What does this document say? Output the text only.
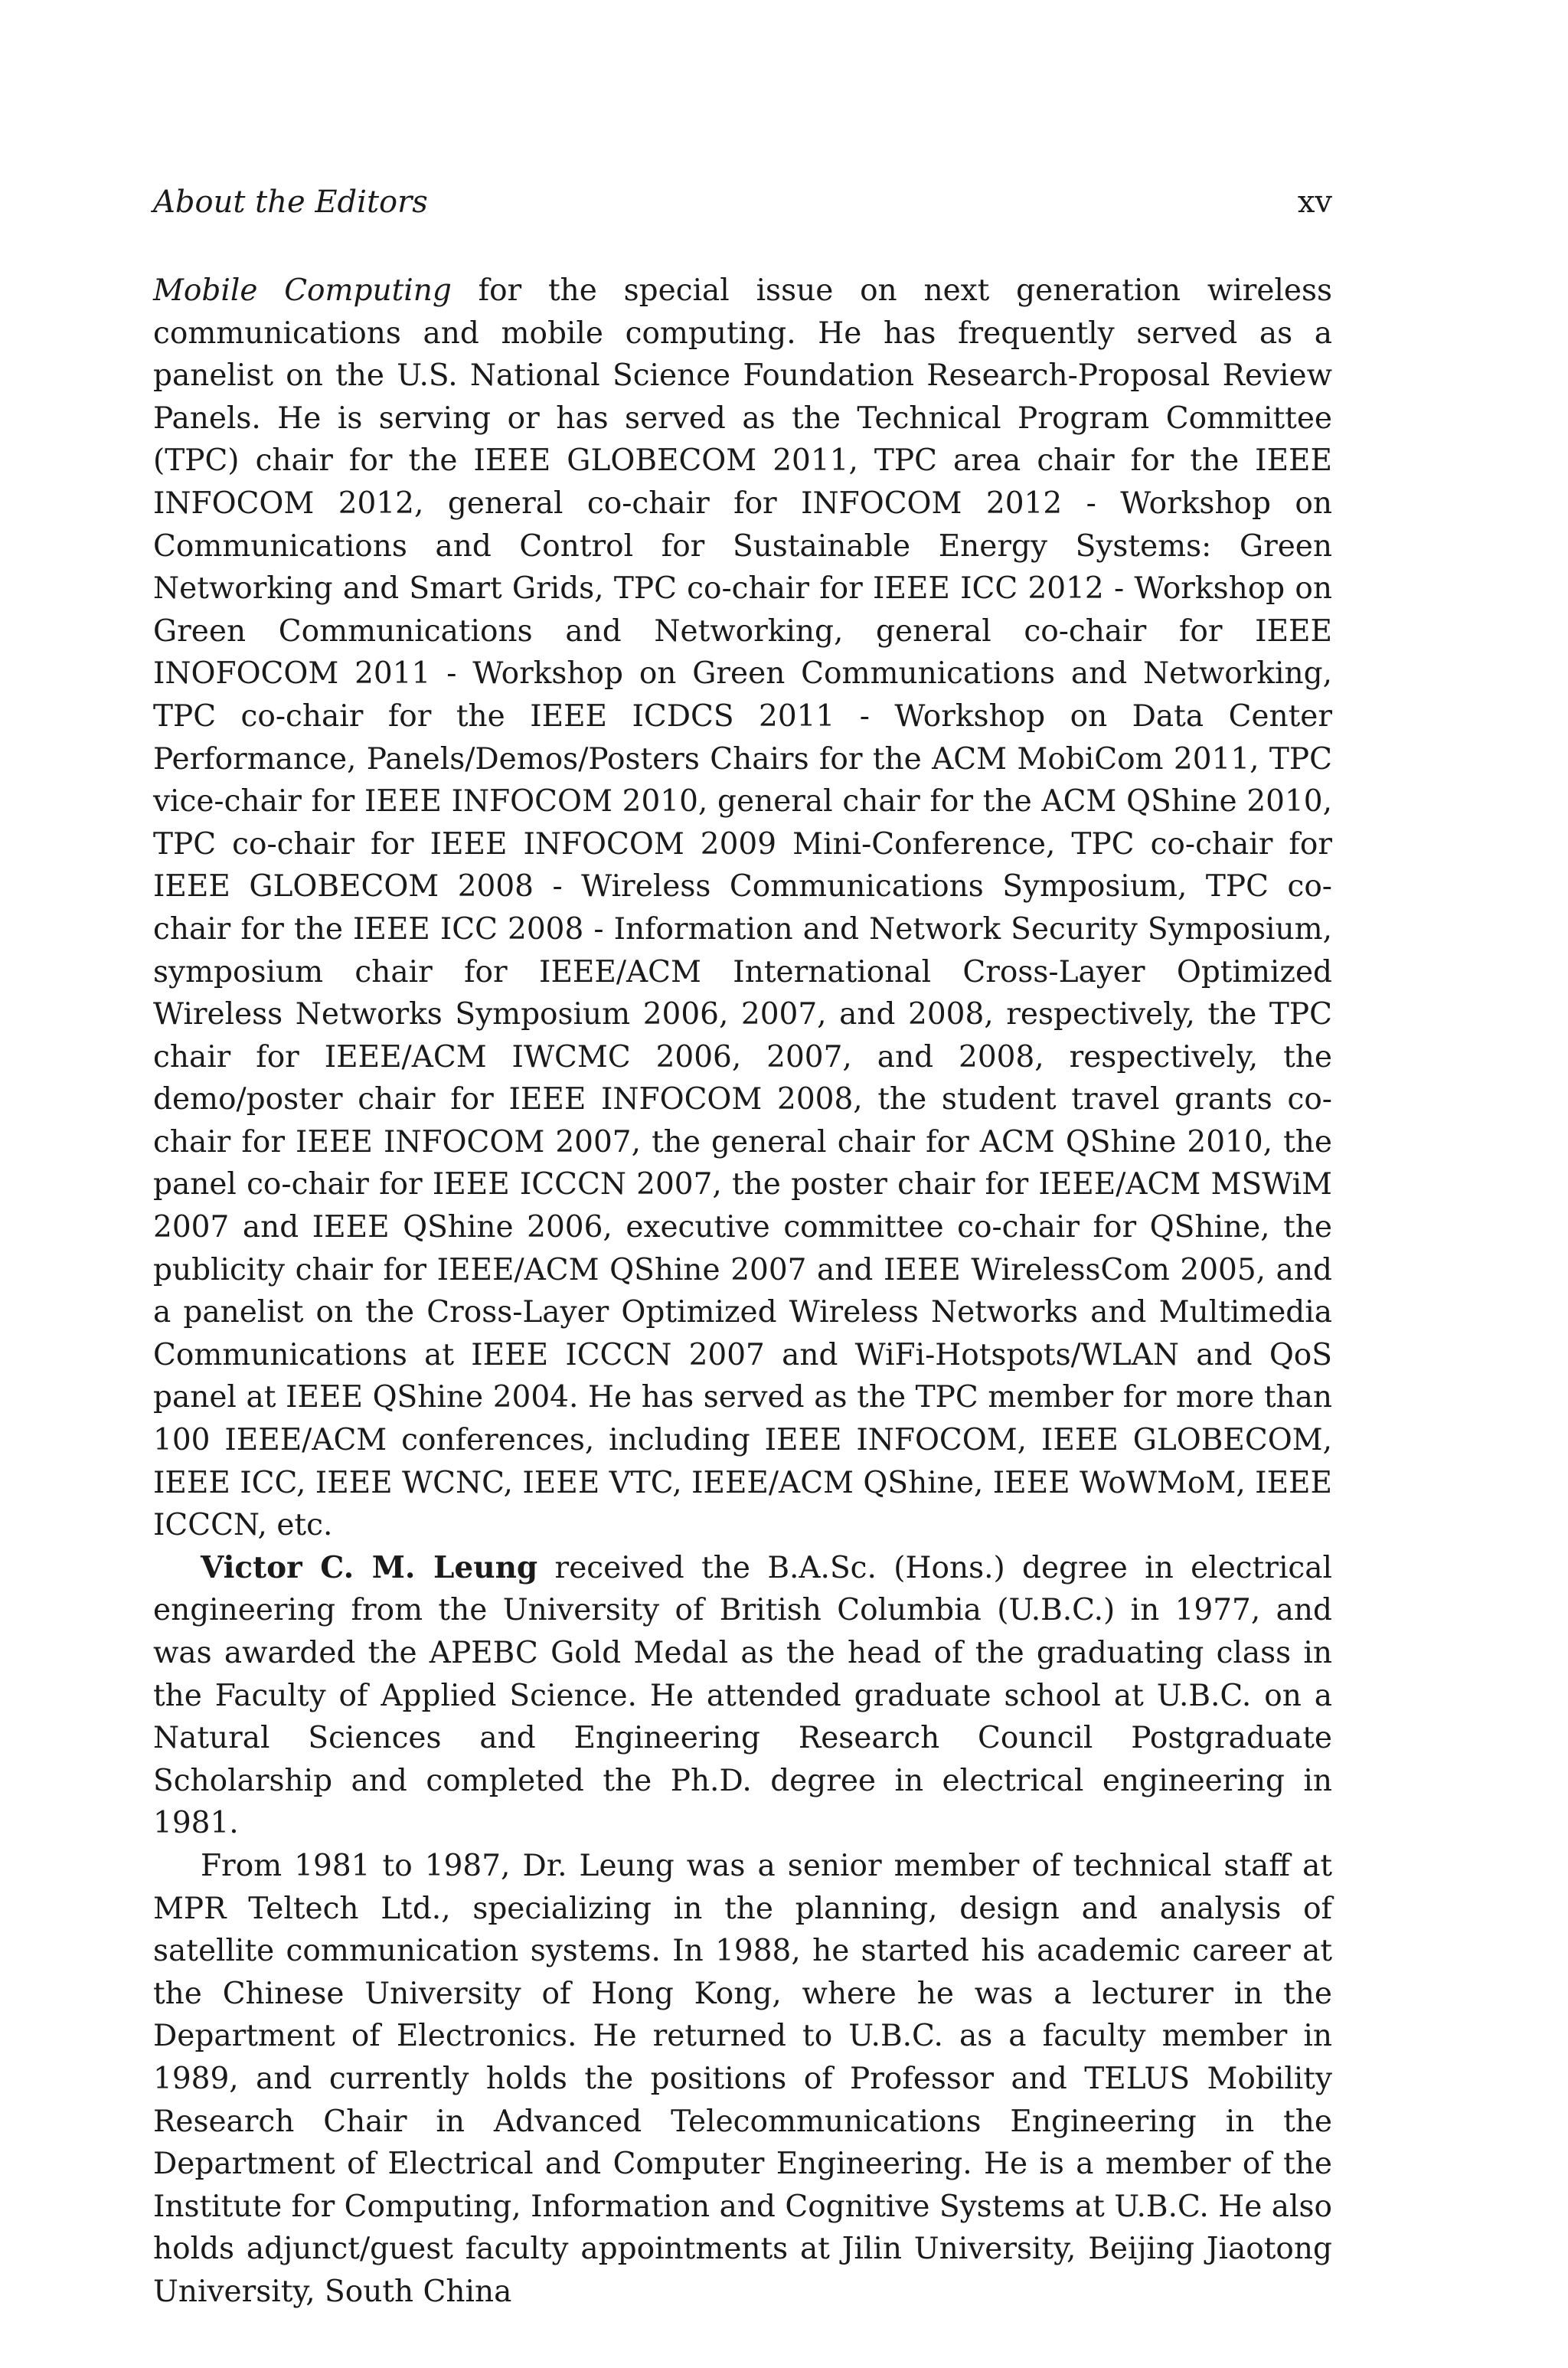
About the Editors	xv

Mobile Computing for the special issue on next generation wireless communications and mobile computing. He has frequently served as a panelist on the U.S. National Science Foundation Research-Proposal Review Panels. He is serving or has served as the Technical Program Committee (TPC) chair for the IEEE GLOBECOM 2011, TPC area chair for the IEEE INFOCOM 2012, general co-chair for INFOCOM 2012 - Workshop on Communications and Control for Sustainable Energy Systems: Green Networking and Smart Grids, TPC co-chair for IEEE ICC 2012 - Workshop on Green Communications and Networking, general co-chair for IEEE INOFOCOM 2011 - Workshop on Green Communications and Networking, TPC co-chair for the IEEE ICDCS 2011 - Workshop on Data Center Performance, Panels/Demos/Posters Chairs for the ACM MobiCom 2011, TPC vice-chair for IEEE INFOCOM 2010, general chair for the ACM QShine 2010, TPC co-chair for IEEE INFOCOM 2009 Mini-Conference, TPC co-chair for IEEE GLOBECOM 2008 - Wireless Communications Symposium, TPC co-chair for the IEEE ICC 2008 - Information and Network Security Symposium, symposium chair for IEEE/ACM International Cross-Layer Optimized Wireless Networks Symposium 2006, 2007, and 2008, respectively, the TPC chair for IEEE/ACM IWCMC 2006, 2007, and 2008, respectively, the demo/poster chair for IEEE INFOCOM 2008, the student travel grants co-chair for IEEE INFOCOM 2007, the general chair for ACM QShine 2010, the panel co-chair for IEEE ICCCN 2007, the poster chair for IEEE/ACM MSWiM 2007 and IEEE QShine 2006, executive committee co-chair for QShine, the publicity chair for IEEE/ACM QShine 2007 and IEEE WirelessCom 2005, and a panelist on the Cross-Layer Optimized Wireless Networks and Multimedia Communications at IEEE ICCCN 2007 and WiFi-Hotspots/WLAN and QoS panel at IEEE QShine 2004. He has served as the TPC member for more than 100 IEEE/ACM conferences, including IEEE INFOCOM, IEEE GLOBECOM, IEEE ICC, IEEE WCNC, IEEE VTC, IEEE/ACM QShine, IEEE WoWMoM, IEEE ICCCN, etc.

Victor C. M. Leung received the B.A.Sc. (Hons.) degree in electrical engineering from the University of British Columbia (U.B.C.) in 1977, and was awarded the APEBC Gold Medal as the head of the graduating class in the Faculty of Applied Science. He attended graduate school at U.B.C. on a Natural Sciences and Engineering Research Council Postgraduate Scholarship and completed the Ph.D. degree in electrical engineering in 1981.

From 1981 to 1987, Dr. Leung was a senior member of technical staff at MPR Teltech Ltd., specializing in the planning, design and analysis of satellite communication systems. In 1988, he started his academic career at the Chinese University of Hong Kong, where he was a lecturer in the Department of Electronics. He returned to U.B.C. as a faculty member in 1989, and currently holds the positions of Professor and TELUS Mobility Research Chair in Advanced Telecommunications Engineering in the Department of Electrical and Computer Engineering. He is a member of the Institute for Computing, Information and Cognitive Systems at U.B.C. He also holds adjunct/guest faculty appointments at Jilin University, Beijing Jiaotong University, South China
